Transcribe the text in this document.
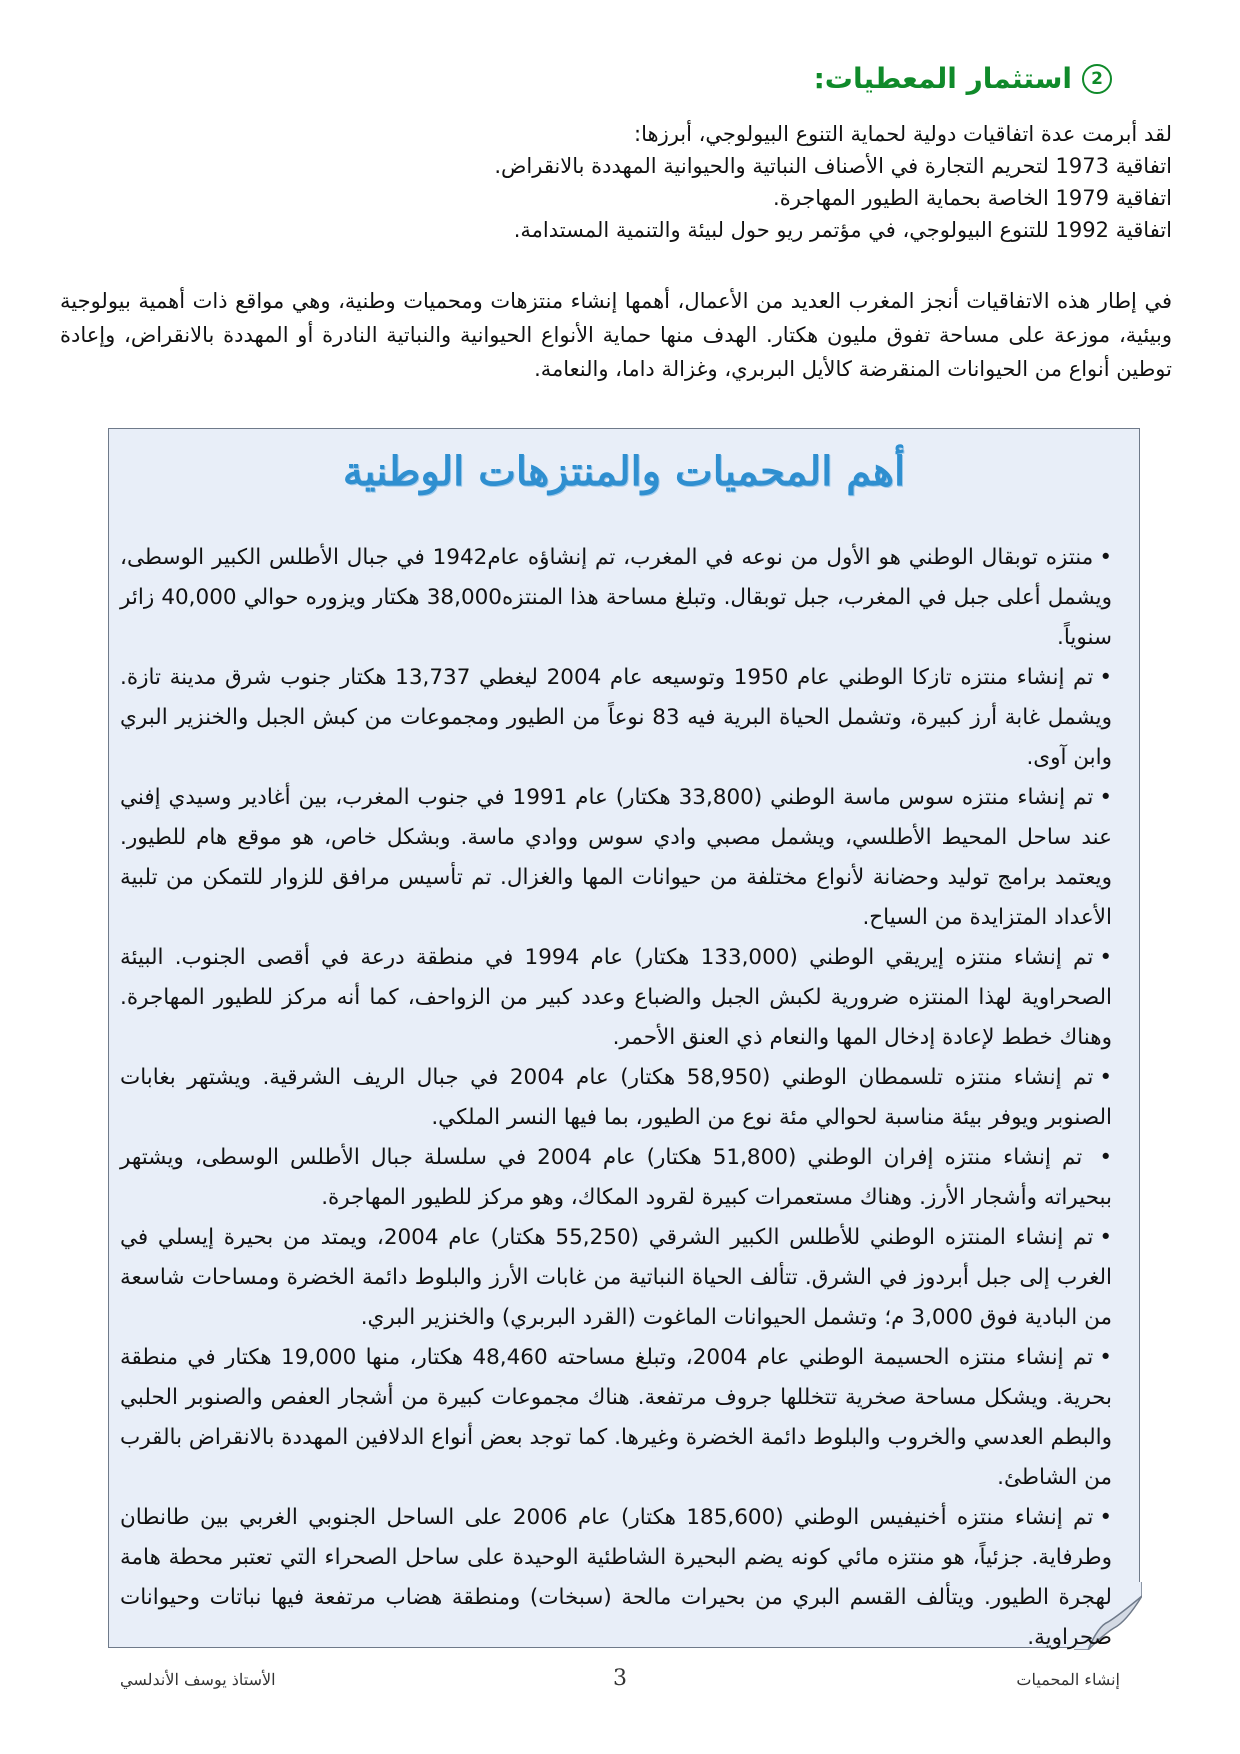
2
استثمار المعطيات:
لقد أبرمت عدة اتفاقيات دولية لحماية التنوع البيولوجي، أبرزها:
اتفاقية 1973 لتحريم التجارة في الأصناف النباتية والحيوانية المهددة بالانقراض.
اتفاقية 1979 الخاصة بحماية الطيور المهاجرة.
اتفاقية 1992 للتنوع البيولوجي، في مؤتمر ريو حول لبيئة والتنمية المستدامة.
في إطار هذه الاتفاقيات أنجز المغرب العديد من الأعمال، أهمها إنشاء منتزهات ومحميات وطنية، وهي مواقع ذات أهمية بيولوجية وبيئية، موزعة على مساحة تفوق مليون هكتار. الهدف منها حماية الأنواع الحيوانية والنباتية النادرة أو المهددة بالانقراض، وإعادة توطين أنواع من الحيوانات المنقرضة كالأيل البربري، وغزالة داما، والنعامة.
أهم المحميات والمنتزهات الوطنية

•منتزه توبقال الوطني هو الأول من نوعه في المغرب، تم إنشاؤه عام1942 في جبال الأطلس الكبير الوسطى، ويشمل أعلى جبل في المغرب، جبل توبقال. وتبلغ مساحة هذا المنتزه38,000 هكتار ويزوره حوالي 40,000 زائر سنوياً.

•تم إنشاء منتزه تازكا الوطني عام 1950 وتوسيعه عام 2004 ليغطي 13,737 هكتار جنوب شرق مدينة تازة. ويشمل غابة أرز كبيرة، وتشمل الحياة البرية فيه 83 نوعاً من الطيور ومجموعات من كبش الجبل والخنزير البري وابن آوى.

•تم إنشاء منتزه سوس ماسة الوطني (33,800 هكتار) عام 1991 في جنوب المغرب، بين أغادير وسيدي إفني عند ساحل المحيط الأطلسي، ويشمل مصبي وادي سوس ووادي ماسة. وبشكل خاص، هو موقع هام للطيور. ويعتمد برامج توليد وحضانة لأنواع مختلفة من حيوانات المها والغزال. تم تأسيس مرافق للزوار للتمكن من تلبية الأعداد المتزايدة من السياح.

•تم إنشاء منتزه إيريقي الوطني (133,000 هكتار) عام 1994 في منطقة درعة في أقصى الجنوب. البيئة الصحراوية لهذا المنتزه ضرورية لكبش الجبل والضباع وعدد كبير من الزواحف، كما أنه مركز للطيور المهاجرة. وهناك خطط لإعادة إدخال المها والنعام ذي العنق الأحمر.

•تم إنشاء منتزه تلسمطان الوطني (58,950 هكتار) عام 2004 في جبال الريف الشرقية. ويشتهر بغابات الصنوبر ويوفر بيئة مناسبة لحوالي مئة نوع من الطيور، بما فيها النسر الملكي.

• تم إنشاء منتزه إفران الوطني (51,800 هكتار) عام 2004 في سلسلة جبال الأطلس الوسطى، ويشتهر ببحيراته وأشجار الأرز. وهناك مستعمرات كبيرة لقرود المكاك، وهو مركز للطيور المهاجرة.

•تم إنشاء المنتزه الوطني للأطلس الكبير الشرقي (55,250 هكتار) عام 2004، ويمتد من بحيرة إيسلي في الغرب إلى جبل أبردوز في الشرق. تتألف الحياة النباتية من غابات الأرز والبلوط دائمة الخضرة ومساحات شاسعة من البادية فوق 3,000 م؛ وتشمل الحيوانات الماغوت (القرد البربري) والخنزير البري.

•تم إنشاء منتزه الحسيمة الوطني عام 2004، وتبلغ مساحته 48,460 هكتار، منها 19,000 هكتار في منطقة بحرية. ويشكل مساحة صخرية تتخللها جروف مرتفعة. هناك مجموعات كبيرة من أشجار العفص والصنوبر الحلبي والبطم العدسي والخروب والبلوط دائمة الخضرة وغيرها. كما توجد بعض أنواع الدلافين المهددة بالانقراض بالقرب من الشاطئ.

•تم إنشاء منتزه أخنيفيس الوطني (185,600 هكتار) عام 2006 على الساحل الجنوبي الغربي بين طانطان وطرفاية. جزئياً، هو منتزه مائي كونه يضم البحيرة الشاطئية الوحيدة على ساحل الصحراء التي تعتبر محطة هامة لهجرة الطيور. ويتألف القسم البري من بحيرات مالحة (سبخات) ومنطقة هضاب مرتفعة فيها نباتات وحيوانات صحراوية.

إنشاء المحميات
3
الأستاذ يوسف الأندلسي
